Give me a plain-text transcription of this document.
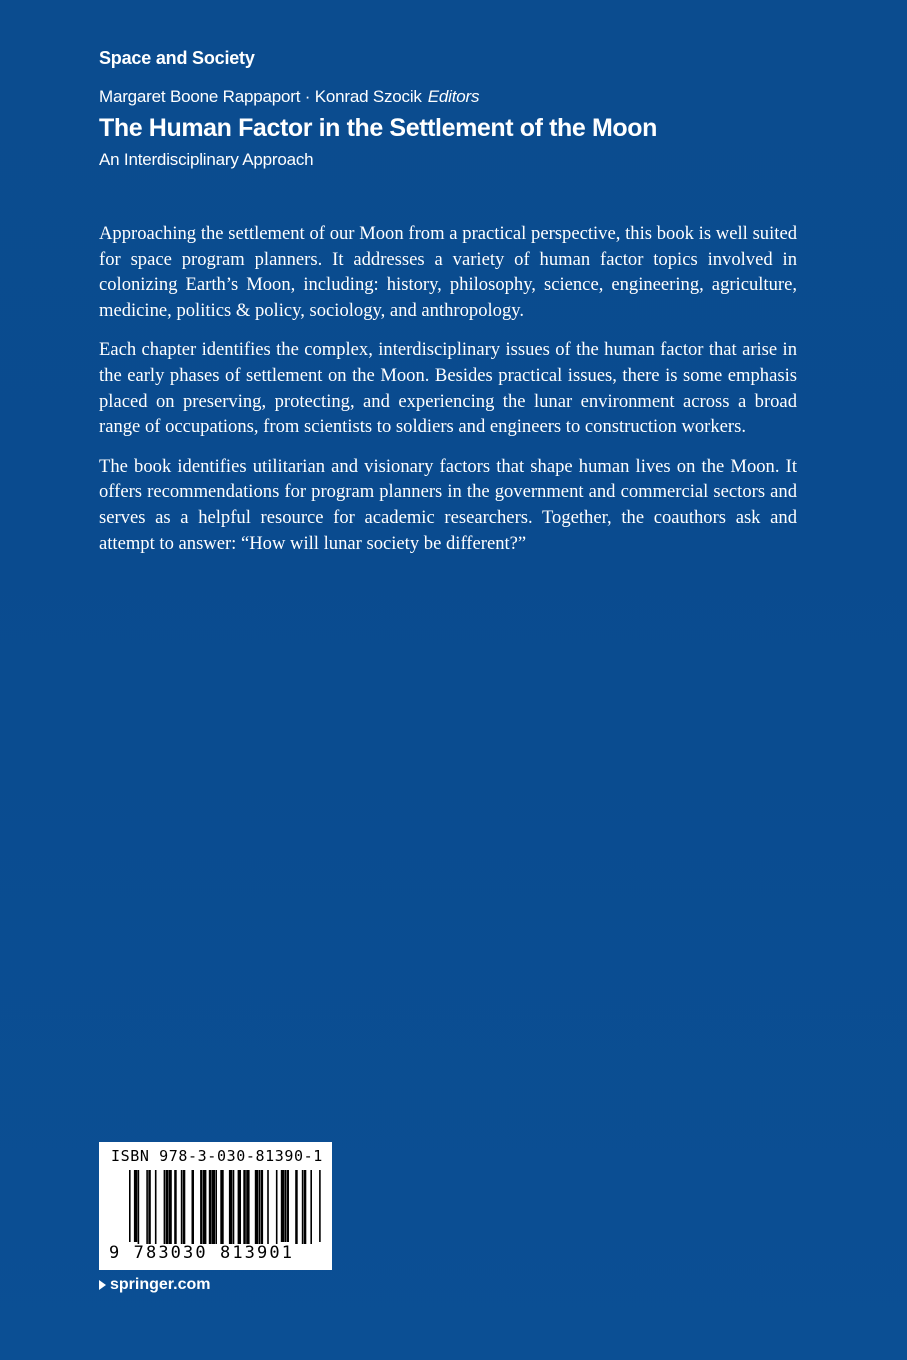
Space and Society
Margaret Boone Rappaport · Konrad Szocik Editors
The Human Factor in the Settlement of the Moon
An Interdisciplinary Approach

Approaching the settlement of our Moon from a practical perspective, this book is well suited for space program planners. It addresses a variety of human factor topics involved in colonizing Earth’s Moon, including: history, philosophy, science, engineering, agriculture, medicine, politics & policy, sociology, and anthropology.

Each chapter identifies the complex, interdisciplinary issues of the human factor that arise in the early phases of settlement on the Moon. Besides practical issues, there is some emphasis placed on preserving, protecting, and experiencing the lunar environment across a broad range of occupations, from scientists to soldiers and engineers to construction workers.

The book identifies utilitarian and visionary factors that shape human lives on the Moon. It offers recommendations for program planners in the government and commercial sectors and serves as a helpful resource for academic researchers. Together, the coauthors ask and attempt to answer: “How will lunar society be different?”

ISBN 978-3-030-81390-1
9 783030 813901
springer.com
